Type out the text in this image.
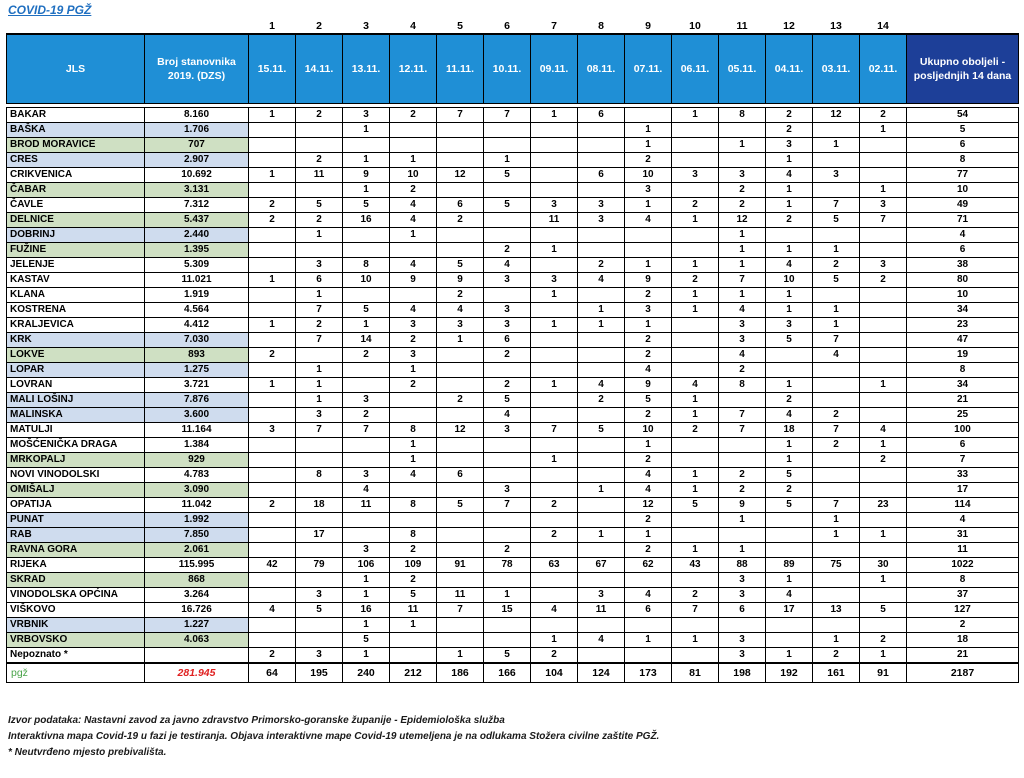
COVID-19 PGŽ
		1	2	3	4	5	6	7	8	9	10	11	12	13	14	
JLS	Broj stanovnika 2019. (DZS)	15.11.	14.11.	13.11.	12.11.	11.11.	10.11.	09.11.	08.11.	07.11.	06.11.	05.11.	04.11.	03.11.	02.11.	Ukupno oboljeli - posljednjih 14 dana

BAKAR	8.160	1	2	3	2	7	7	1	6		1	8	2	12	2	54
BAŠKA	1.706			1						1			2		1	5
BROD MORAVICE	707									1		1	3	1		6
CRES	2.907		2	1	1		1			2			1			8
CRIKVENICA	10.692	1	11	9	10	12	5		6	10	3	3	4	3		77
ČABAR	3.131			1	2					3		2	1		1	10
ČAVLE	7.312	2	5	5	4	6	5	3	3	1	2	2	1	7	3	49
DELNICE	5.437	2	2	16	4	2		11	3	4	1	12	2	5	7	71
DOBRINJ	2.440		1		1							1				4
FUŽINE	1.395						2	1				1	1	1		6
JELENJE	5.309		3	8	4	5	4		2	1	1	1	4	2	3	38
KASTAV	11.021	1	6	10	9	9	3	3	4	9	2	7	10	5	2	80
KLANA	1.919		1			2		1		2	1	1	1			10
KOSTRENA	4.564		7	5	4	4	3		1	3	1	4	1	1		34
KRALJEVICA	4.412	1	2	1	3	3	3	1	1	1		3	3	1		23
KRK	7.030		7	14	2	1	6			2		3	5	7		47
LOKVE	893	2		2	3		2			2		4		4		19
LOPAR	1.275		1		1					4		2				8
LOVRAN	3.721	1	1		2		2	1	4	9	4	8	1		1	34
MALI LOŠINJ	7.876		1	3		2	5		2	5	1		2			21
MALINSKA	3.600		3	2			4			2	1	7	4	2		25
MATULJI	11.164	3	7	7	8	12	3	7	5	10	2	7	18	7	4	100
MOŠĆENIČKA DRAGA	1.384				1					1			1	2	1	6
MRKOPALJ	929				1			1		2			1		2	7
NOVI VINODOLSKI	4.783		8	3	4	6				4	1	2	5			33
OMIŠALJ	3.090			4			3		1	4	1	2	2			17
OPATIJA	11.042	2	18	11	8	5	7	2		12	5	9	5	7	23	114
PUNAT	1.992									2		1		1		4
RAB	7.850		17		8			2	1	1				1	1	31
RAVNA GORA	2.061			3	2		2			2	1	1				11
RIJEKA	115.995	42	79	106	109	91	78	63	67	62	43	88	89	75	30	1022
SKRAD	868			1	2							3	1		1	8
VINODOLSKA OPĆINA	3.264		3	1	5	11	1		3	4	2	3	4			37
VIŠKOVO	16.726	4	5	16	11	7	15	4	11	6	7	6	17	13	5	127
VRBNIK	1.227			1	1											2
VRBOVSKO	4.063			5				1	4	1	1	3		1	2	18
Nepoznato *		2	3	1		1	5	2				3	1	2	1	21
pgž	281.945	64	195	240	212	186	166	104	124	173	81	198	192	161	91	2187
Izvor podataka: Nastavni zavod za javno zdravstvo Primorsko-goranske županije - Epidemiološka služba
Interaktivna mapa Covid-19 u fazi je testiranja. Objava interaktivne mape Covid-19 utemeljena je na odlukama Stožera civilne zaštite PGŽ.
* Neutvrđeno mjesto prebivališta.
